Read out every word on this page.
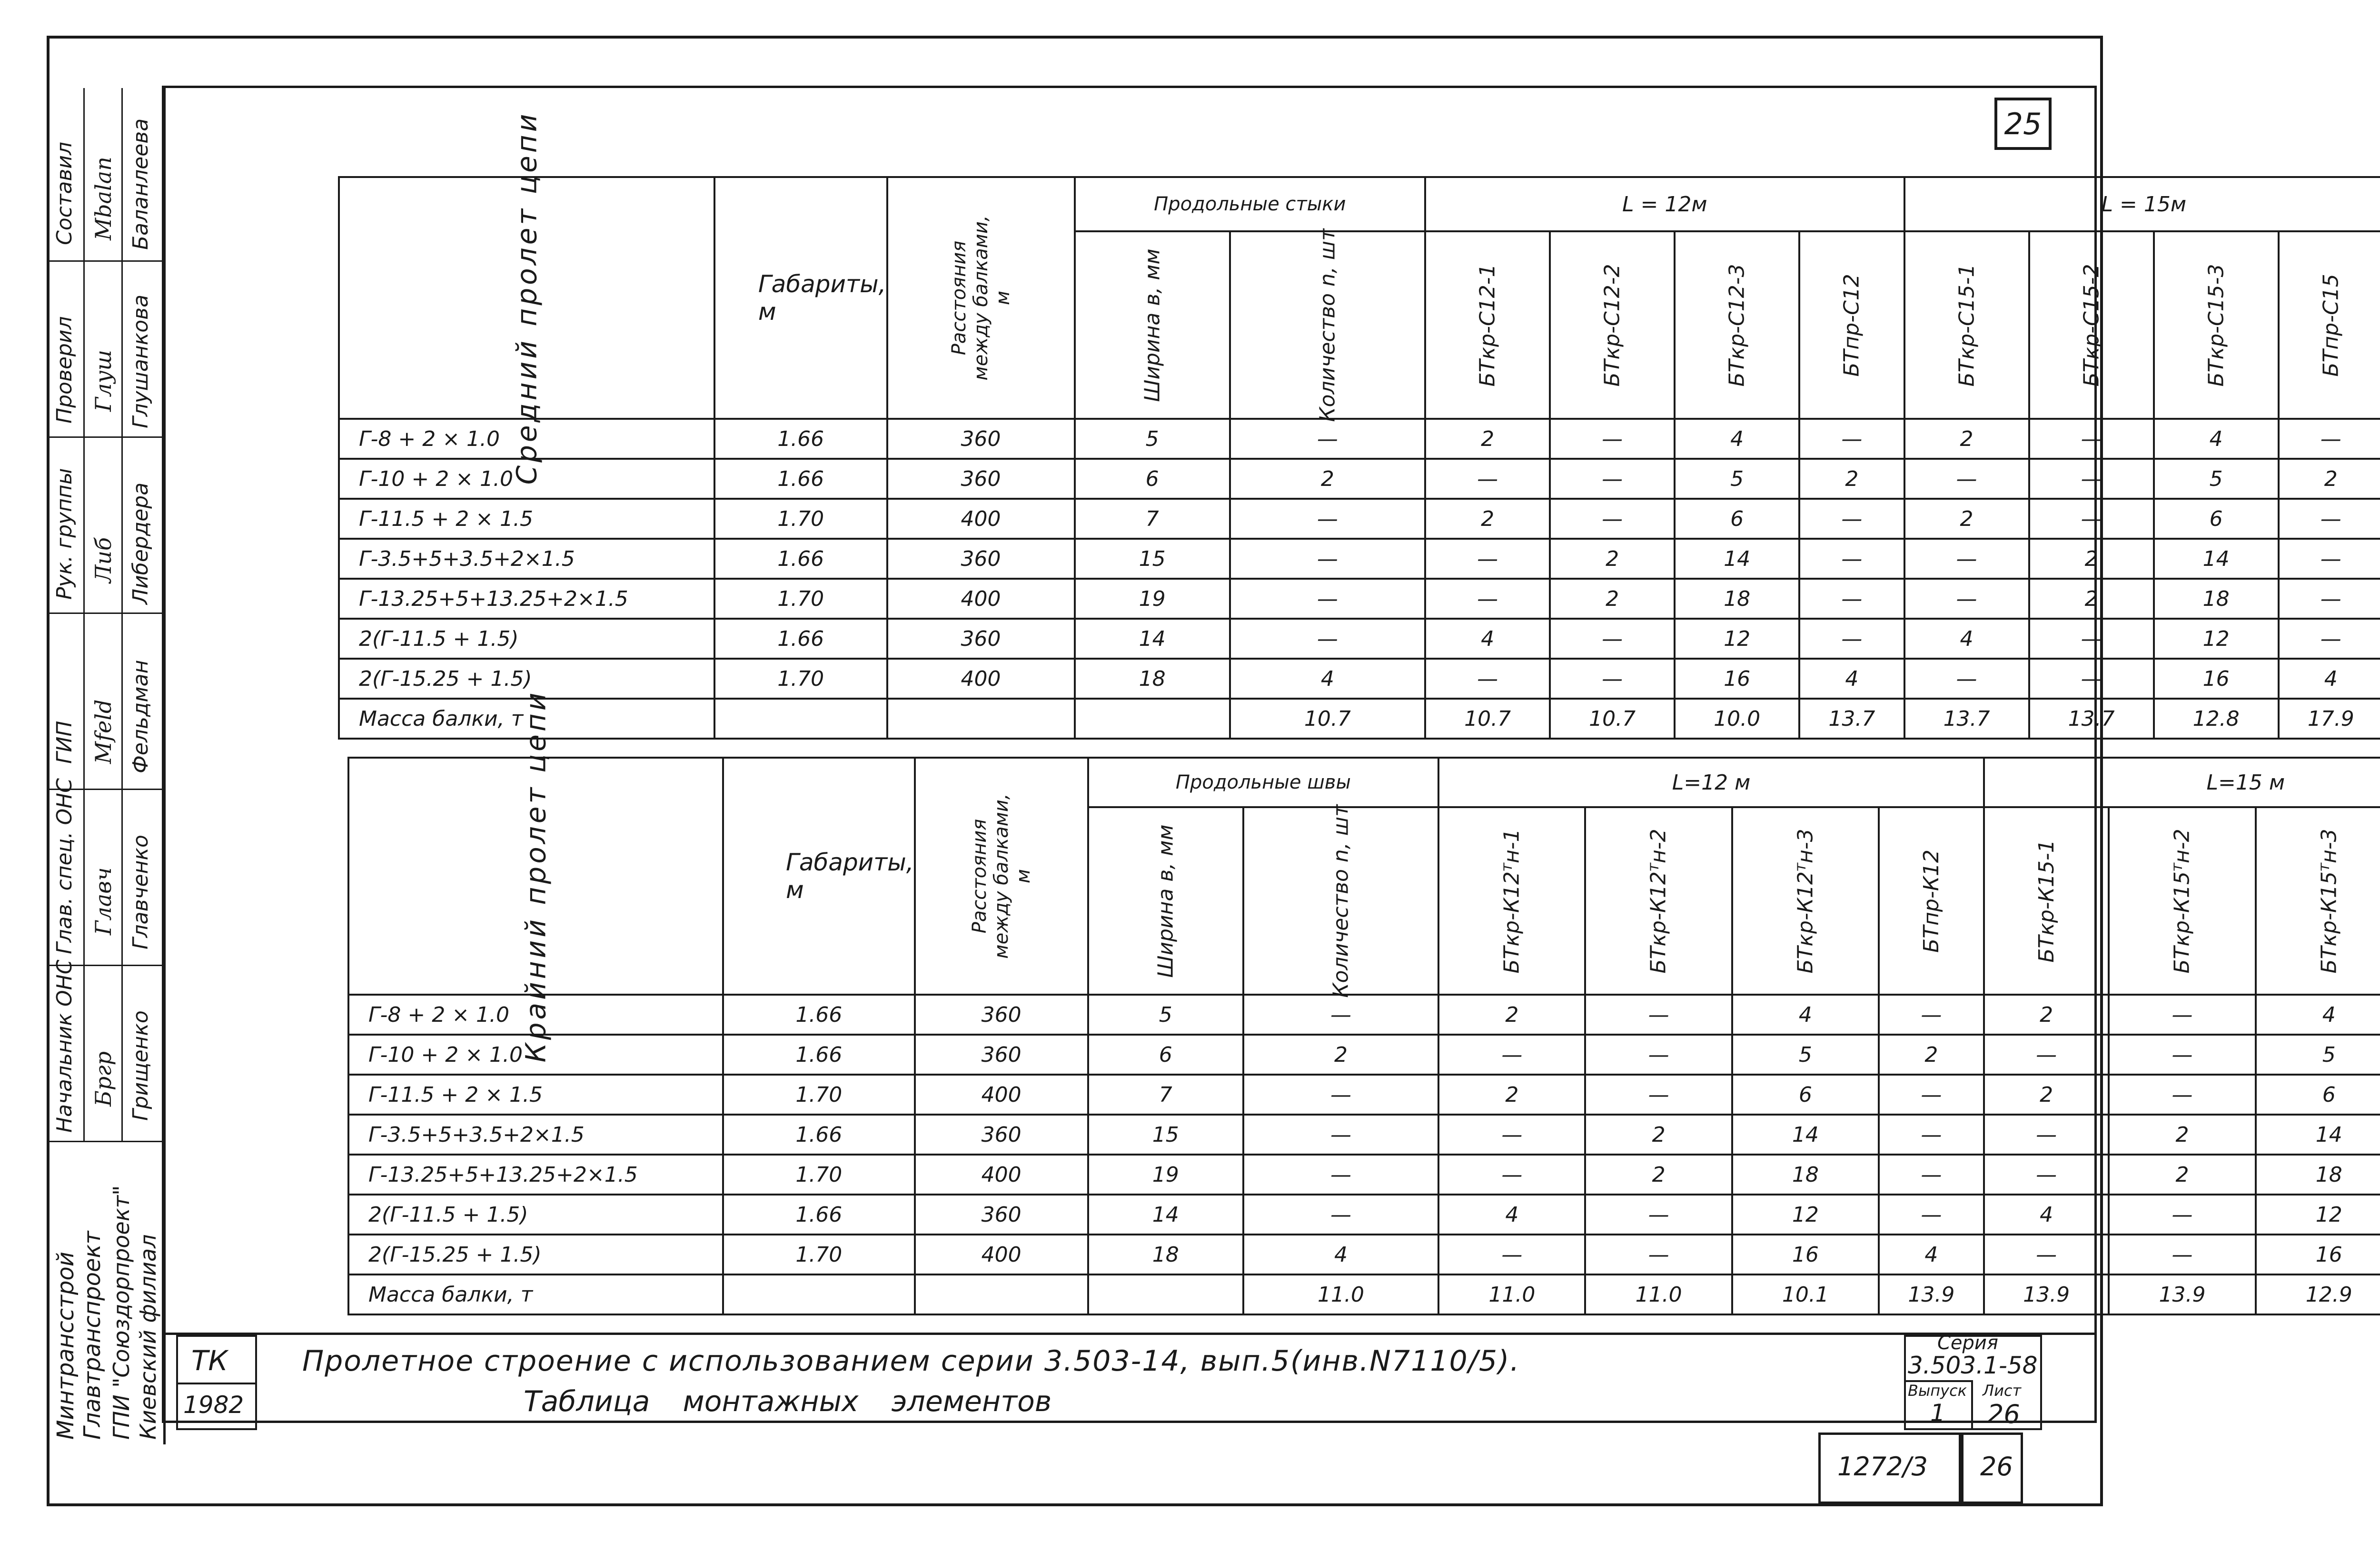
25
Составил Мbalan Баланлеева
Проверил Глуш Глушанкова
Рук. группы Либ Либердера
ГИП Мfeld Фельдман
Глав. спец. ОНС Главч Главченко
Начальник ОНС Бргр Грищенко
Минтрансстрой Главтранспроект ГПИ "Союздорпроект" Киевский филиал
Средний пролет цепи	Габариты, м	Расстояния между балками, м	Продольные стыки		L = 12м				L = 15м	
			Ширина в, мм	Количество n, шт	БТкр-С12-1	БТкр-С12-2	БТкр-С12-3	БТпр-С12	БТкр-С15-1	БТкр-С15-2	БТкр-С15-3	БТпр-С15				
Г-8 + 2 × 1.0	1.66	360	5	—	2	—	4	—	2	—	4	—			
Г-10 + 2 × 1.0	1.66	360	6	2	—	—	5	2	—	—	5	2			
Г-11.5 + 2 × 1.5	1.70	400	7	—	2	—	6	—	2	—	6	—			
Г-3.5+5+3.5+2×1.5	1.66	360	15	—	—	2	14	—	—	2	14	—			
Г-13.25+5+13.25+2×1.5	1.70	400	19	—	—	2	18	—	—	2	18	—			
2(Г-11.5 + 1.5)	1.66	360	14	—	4	—	12	—	4	—	12	—			
2(Г-15.25 + 1.5)	1.70	400	18	4	—	—	16	4	—	—	16	4			
Масса балки, т				10.7	10.7	10.7	10.0	13.7	13.7	13.7	12.8	17.9			
Крайний пролет цепи	Габариты, м	Расстояния между балками, м	Продольные швы		L=12 м				L=15 м	
			Ширина в, мм	Количество n, шт	БТкр-К12ᵀн-1	БТкр-К12ᵀн-2	БТкр-К12ᵀн-3	БТпр-К12	БТкр-К15-1	БТкр-К15ᵀн-2	БТкр-К15ᵀн-3					
Г-8 + 2 × 1.0	1.66	360	5	—	2	—	4	—	2	—	4				
Г-10 + 2 × 1.0	1.66	360	6	2	—	—	5	2	—	—	5				
Г-11.5 + 2 × 1.5	1.70	400	7	—	2	—	6	—	2	—	6				
Г-3.5+5+3.5+2×1.5	1.66	360	15	—	—	2	14	—	—	2	14				
Г-13.25+5+13.25+2×1.5	1.70	400	19	—	—	2	18	—	—	2	18				
2(Г-11.5 + 1.5)	1.66	360	14	—	4	—	12	—	4	—	12				
2(Г-15.25 + 1.5)	1.70	400	18	4	—	—	16	4	—	—	16				
Масса балки, т				11.0	11.0	11.0	10.1	13.9	13.9	13.9	12.9				
ТК
1982
Пролетное строение с использованием серии 3.503-14, вып.5(инв.N7110/5).
Таблица монтажных элементов
Серия
3.503.1-58
Выпуск
1
Лист
26
1272/3 26
